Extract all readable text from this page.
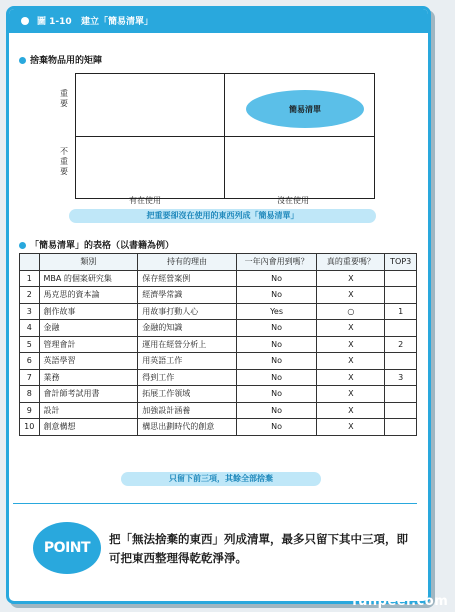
圖 1-10 建立「簡易清單」
捨棄物品用的矩陣
重要
不重要
簡易清單
有在使用	沒在使用
把重要卻沒在使用的東西列成「簡易清單」
「簡易清單」的表格（以書籍為例）
	類別	持有的理由	一年內會用到嗎？	真的重要嗎？	TOP3
1	MBA 的個案研究集	保存經營案例	No	X	
2	馬克思的資本論	經濟學常識	No	X	
3	創作故事	用故事打動人心	Yes	○	1
4	金融	金融的知識	No	X	
5	管理會計	運用在經營分析上	No	X	2
6	英語學習	用英語工作	No	X	
7	業務	得到工作	No	X	3
8	會計師考試用書	拓展工作領域	No	X	
9	設計	加強設計涵養	No	X	
10	創意構想	構思出劃時代的創意	No	X	
只留下前三項，其餘全部捨棄
POINT
把「無法捨棄的東西」列成清單，最多只留下其中三項，即可把東西整理得乾乾淨淨。
funpeer.com
